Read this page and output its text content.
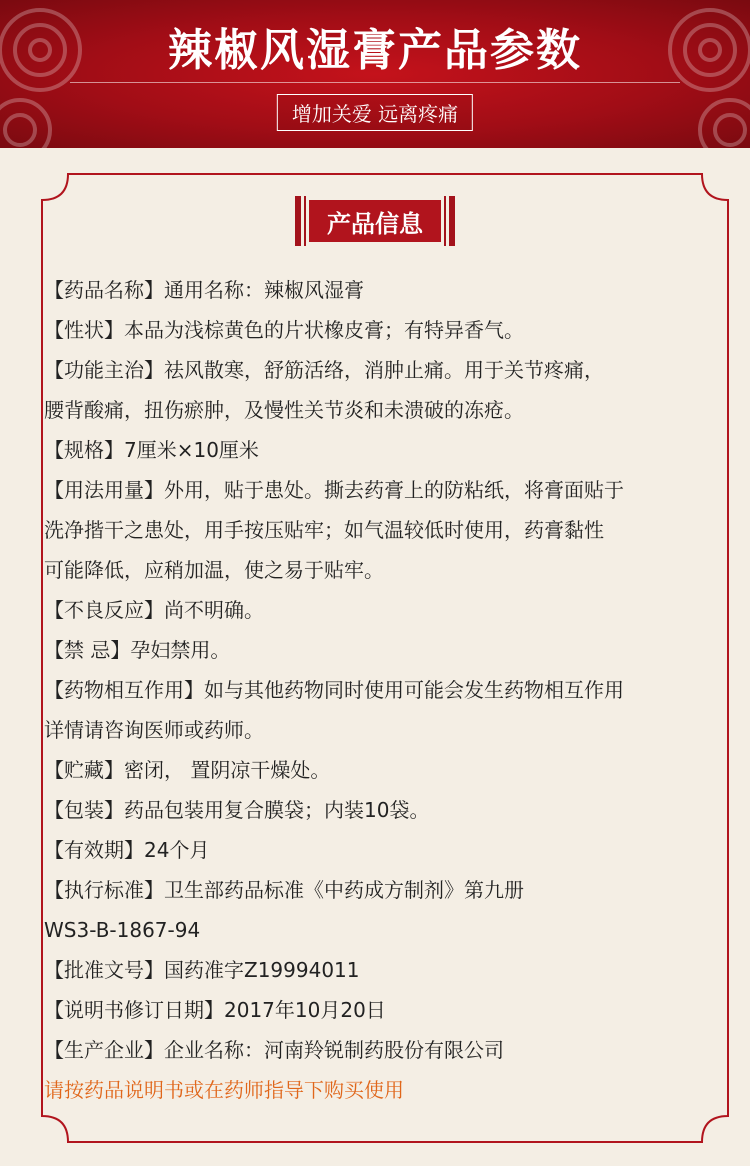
辣椒风湿膏产品参数
增加关爱 远离疼痛
产品信息
【药品名称】通用名称：辣椒风湿膏
【性状】本品为浅棕黄色的片状橡皮膏；有特异香气。
【功能主治】祛风散寒，舒筋活络，消肿止痛。用于关节疼痛，
腰背酸痛，扭伤瘀肿，及慢性关节炎和未溃破的冻疮。
【规格】7厘米×10厘米
【用法用量】外用，贴于患处。撕去药膏上的防粘纸，将膏面贴于
洗净揩干之患处，用手按压贴牢；如气温较低时使用，药膏黏性
可能降低，应稍加温，使之易于贴牢。
【不良反应】尚不明确。
【禁 忌】孕妇禁用。
【药物相互作用】如与其他药物同时使用可能会发生药物相互作用
详情请咨询医师或药师。
【贮藏】密闭， 置阴凉干燥处。
【包装】药品包装用复合膜袋；内装10袋。
【有效期】24个月
【执行标准】卫生部药品标准《中药成方制剂》第九册
WS3-B-1867-94
【批准文号】国药准字Z19994011
【说明书修订日期】2017年10月20日
【生产企业】企业名称：河南羚锐制药股份有限公司
请按药品说明书或在药师指导下购买使用
